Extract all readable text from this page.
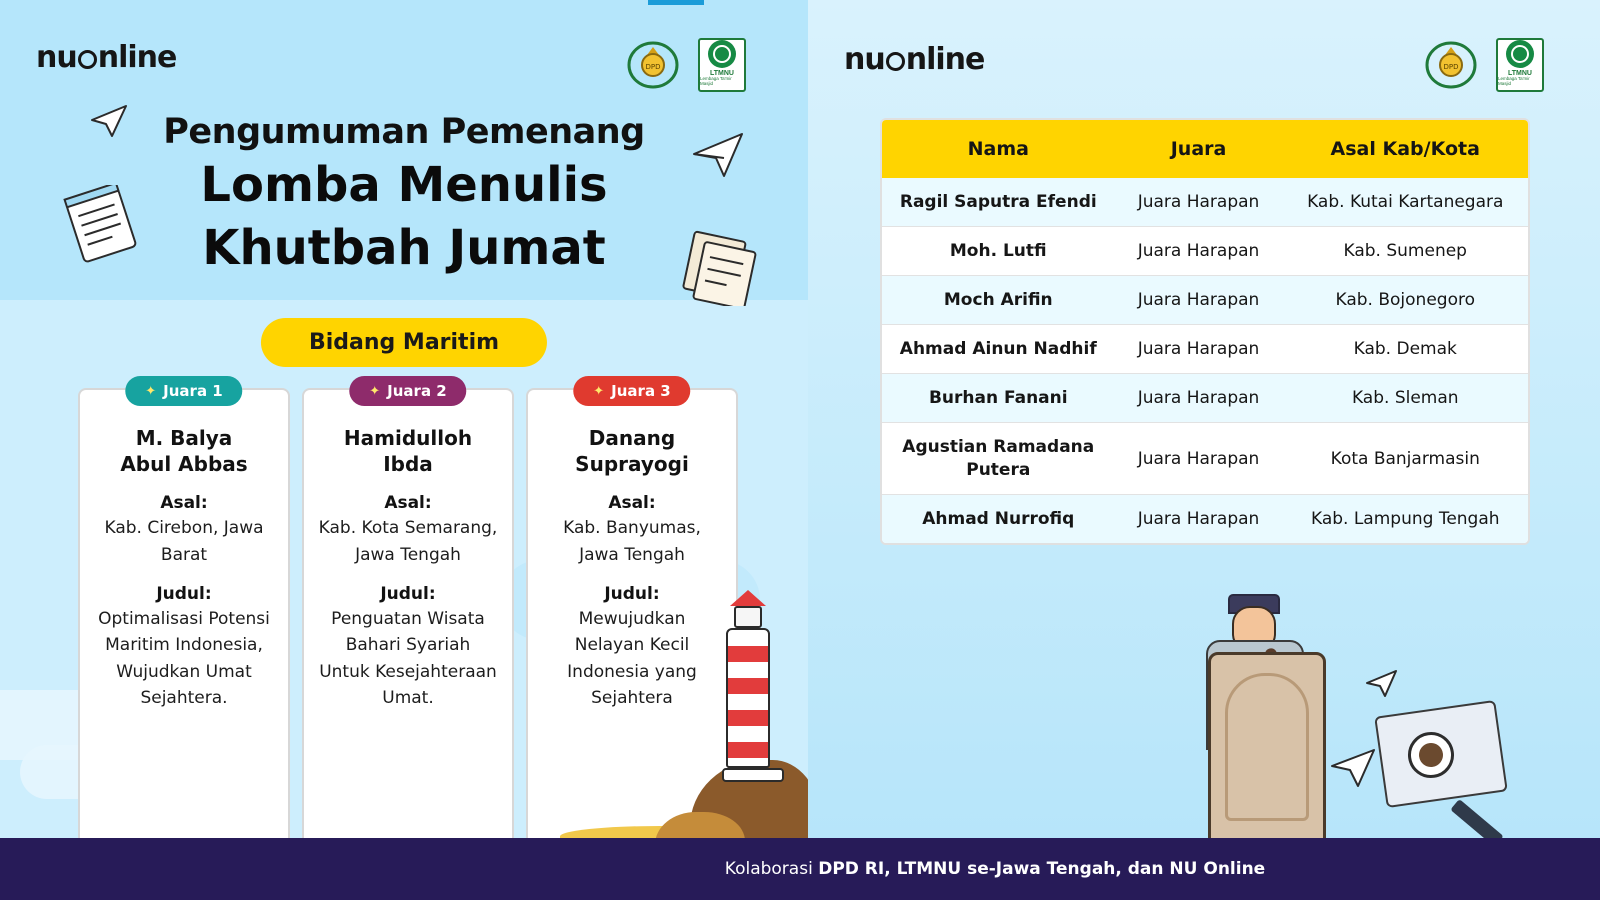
nu nline	DPD
LTMNU
Lembaga Ta'mir Masjid
Pengumuman Pemenang
Lomba Menulis
Khutbah Jumat
Bidang Maritim
✦ Juara 1
M. Balya
Abul Abbas
Asal:
Kab. Cirebon, Jawa Barat
Judul:
Optimalisasi Potensi Maritim Indonesia, Wujudkan Umat Sejahtera.
✦ Juara 2
Hamidulloh
Ibda
Asal:
Kab. Kota Semarang, Jawa Tengah
Judul:
Penguatan Wisata Bahari Syariah Untuk Kesejahteraan Umat.
✦ Juara 3
Danang
Suprayogi
Asal:
Kab. Banyumas, Jawa Tengah
Judul:
Mewujudkan Nelayan Kecil Indonesia yang Sejahtera
nu nline	DPD
LTMNU
Lembaga Ta'mir Masjid
Nama	Juara	Asal Kab/Kota
Ragil Saputra Efendi	Juara Harapan	Kab. Kutai Kartanegara
Moh. Lutfi	Juara Harapan	Kab. Sumenep
Moch Arifin	Juara Harapan	Kab. Bojonegoro
Ahmad Ainun Nadhif	Juara Harapan	Kab. Demak
Burhan Fanani	Juara Harapan	Kab. Sleman
Agustian Ramadana Putera	Juara Harapan	Kota Banjarmasin
Ahmad Nurrofiq	Juara Harapan	Kab. Lampung Tengah
Kolaborasi DPD RI, LTMNU se-Jawa Tengah, dan NU Online
